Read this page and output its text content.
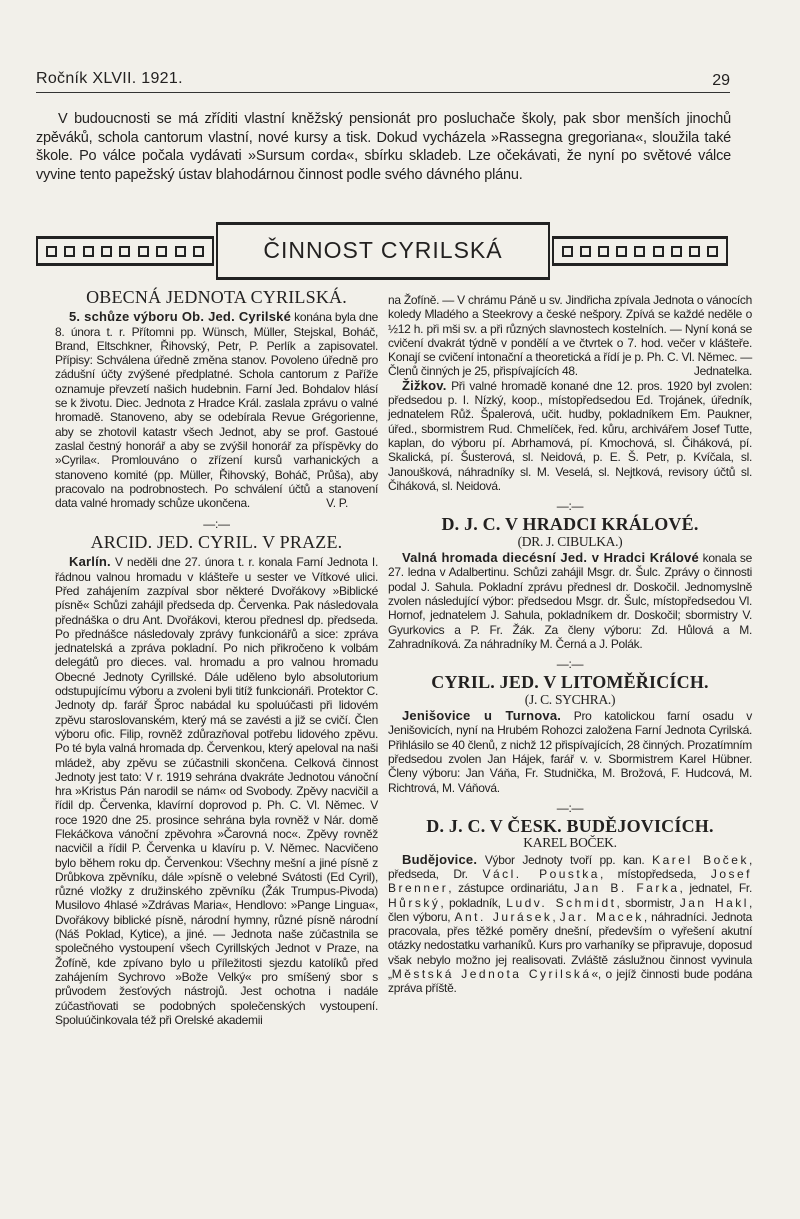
Ročník XLVII. 1921.	29

V budoucnosti se má zříditi vlastní kněžský pensionát pro posluchače školy, pak sbor menších jinochů zpěváků, schola cantorum vlastní, nové kursy a tisk. Dokud vycházela »Rassegna gregoriana«, sloužila také škole. Po válce počala vydávati »Sursum corda«, sbírku skladeb. Lze očekávati, že nyní po světové válce vyvine tento papežský ústav blahodárnou činnost podle svého dávného plánu.

ČINNOST CYRILSKÁ
OBECNÁ JEDNOTA CYRILSKÁ.

5. schůze výboru Ob. Jed. Cyrilské konána byla dne 8. února t. r. Přítomni pp. Wünsch, Müller, Stejskal, Boháč, Brand, Eltschkner, Řihovský, Petr, P. Perlík a zapisovatel. Přípisy: Schválena úředně změna stanov. Povoleno úředně pro zádušní účty zvýšené předplatné. Schola cantorum z Paříže oznamuje převzetí našich hudebnin. Farní Jed. Bohdalov hlásí se k životu. Diec. Jednota z Hradce Král. zaslala zprávu o valné hromadě. Stanoveno, aby se odebírala Revue Grégorienne, aby se zhotovil katastr všech Jednot, aby se prof. Gastoué zaslal čestný honorář a aby se zvýšil honorář za příspěvky do »Cyrila«. Promlouváno o zřízení kursů varhanických a stanoveno komité (pp. Müller, Řihovský, Boháč, Průša), aby pracovalo na podrobnostech. Po schválení účtů a stanovení data valné hromady schůze ukončena.	V. P.
—:—
ARCID. JED. CYRIL. V PRAZE.

Karlín. V neděli dne 27. února t. r. konala Farní Jednota I. řádnou valnou hromadu v klášteře u sester ve Vítkové ulici. Před zahájením zazpíval sbor některé Dvořákovy »Biblické písně« Schůzi zahájil předseda dp. Červenka. Pak následovala přednáška o dru Ant. Dvořákovi, kterou přednesl dp. předseda. Po přednášce následovaly zprávy funkcionářů a sice: zpráva jednatelská a zpráva pokladní. Po nich přikročeno k volbám delegátů pro dieces. val. hromadu a pro valnou hromadu Obecné Jednoty Cyrillské. Dále uděleno bylo absolutorium odstupujícímu výboru a zvoleni byli titíž funkcionáři. Protektor C. Jednoty dp. farář Šproc nabádal ku spoluúčasti při lidovém zpěvu staroslovanském, který má se zavésti a již se cvičí. Člen výboru ofic. Filip, rovněž zdůrazňoval potřebu lidového zpěvu. Po té byla valná hromada dp. Červenkou, který apeloval na naši mládež, aby zpěvu se zúčastnili skončena. Celková činnost Jednoty jest tato: V r. 1919 sehrána dvakráte Jednotou vánoční hra »Kristus Pán narodil se nám« od Svobody. Zpěvy nacvičil a řídil dp. Červenka, klavírní doprovod p. Ph. C. Vl. Němec. V roce 1920 dne 25. prosince sehrána byla rovněž v Nár. domě Flekáčkova vánoční zpěvohra »Čarovná noc«. Zpěvy rovněž nacvičil a řídil P. Červenka u klavíru p. V. Němec. Nacvičeno bylo během roku dp. Červenkou: Všechny mešní a jiné písně z Drůbkova zpěvníku, dále »písně o velebné Svátosti (Ed Cyril), různé vložky z družinského zpěvníku (Žák Trumpus-Pivoda) Musilovo 4hlasé »Zdrávas Maria«, Hendlovo: »Pange Lingua«, Dvořákovy biblické písně, národní hymny, různé písně národní (Náš Poklad, Kytice), a jiné. — Jednota naše zúčastnila se společného vystoupení všech Cyrillských Jednot v Praze, na Žofíně, kde zpívano bylo u příležitosti sjezdu katolíků před zahájením Sychrovo »Bože Velký« pro smíšený sbor s průvodem žesťových nástrojů. Jest ochotna i nadále zúčastňovati se podobných společenských vystoupení. Spoluúčinkovala též při Orelské akademii

na Žofíně. — V chrámu Páně u sv. Jindřicha zpívala Jednota o vánocích koledy Mladého a Steekrovy a české nešpory. Zpívá se každé neděle o ½12 h. při mši sv. a při různých slavnostech kostelních. — Nyní koná se cvičení dvakrát týdně v pondělí a ve čtvrtek o 7. hod. večer v klášteře. Konají se cvičení intonační a theoretická a řídí je p. Ph. C. Vl. Němec. — Členů činných je 25, přispívajících 48.	Jednatelka.

Žižkov. Při valné hromadě konané dne 12. pros. 1920 byl zvolen: předsedou p. I. Nízký, koop., místopředsedou Ed. Trojánek, úředník, jednatelem Růž. Špalerová, učit. hudby, pokladníkem Em. Paukner, úřed., sbormistrem Rud. Chmelíček, řed. kůru, archivářem Josef Tutte, kaplan, do výboru pí. Abrhamová, pí. Kmochová, sl. Čiháková, pí. Skalická, pí. Šusterová, sl. Neidová, p. E. Š. Petr, p. Kvíčala, sl. Janoušková, náhradníky sl. M. Veselá, sl. Nejtková, revisory účtů sl. Čiháková, sl. Neidová.

—:—
D. J. C. V HRADCI KRÁLOVÉ.
(DR. J. CIBULKA.)

Valná hromada diecésní Jed. v Hradci Králové konala se 27. ledna v Adalbertinu. Schůzi zahájil Msgr. dr. Šulc. Zprávy o činnosti podal J. Sahula. Pokladní zprávu přednesl dr. Doskočil. Jednomyslně zvolen následující výbor: předsedou Msgr. dr. Šulc, místopředsedou Vl. Hornof, jednatelem J. Sahula, pokladníkem dr. Doskočil; sbormistry V. Gyurkovics a P. Fr. Žák. Za členy výboru: Zd. Hůlová a M. Zahradníková. Za náhradníky M. Černá a J. Polák.

—:—
CYRIL. JED. V LITOMĚŘICÍCH.
(J. C. SYCHRA.)

Jenišovice u Turnova. Pro katolickou farní osadu v Jenišovicích, nyní na Hrubém Rohozci založena Farní Jednota Cyrilská. Přihlásilo se 40 členů, z nichž 12 přispívajících, 28 činných. Prozatímním předsedou zvolen Jan Hájek, farář v. v. Sbormistrem Karel Hübner. Členy výboru: Jan Váňa, Fr. Studnička, M. Brožová, F. Hudcová, M. Richtrová, M. Váňová.

—:—
D. J. C. V ČESK. BUDĚJOVICÍCH.
KAREL BOČEK.

Budějovice. Výbor Jednoty tvoří pp. kan. Karel Boček, předseda, Dr. Václ. Poustka, místopředseda, Josef Brenner, zástupce ordinariátu, Jan B. Farka, jednatel, Fr. Hůrský, pokladník, Ludv. Schmidt, sbormistr, Jan Hakl, člen výboru, Ant. Jurásek, Jar. Macek, náhradníci. Jednota pracovala, přes těžké poměry dnešní, především o vyřešení akutní otázky nedostatku varhaníků. Kurs pro varhaníky se připravuje, doposud však nebylo možno jej realisovati. Zvláště záslužnou činnost vyvinula „Městská Jednota Cyrilská«, o jejíž činnosti bude podána zpráva příště.
